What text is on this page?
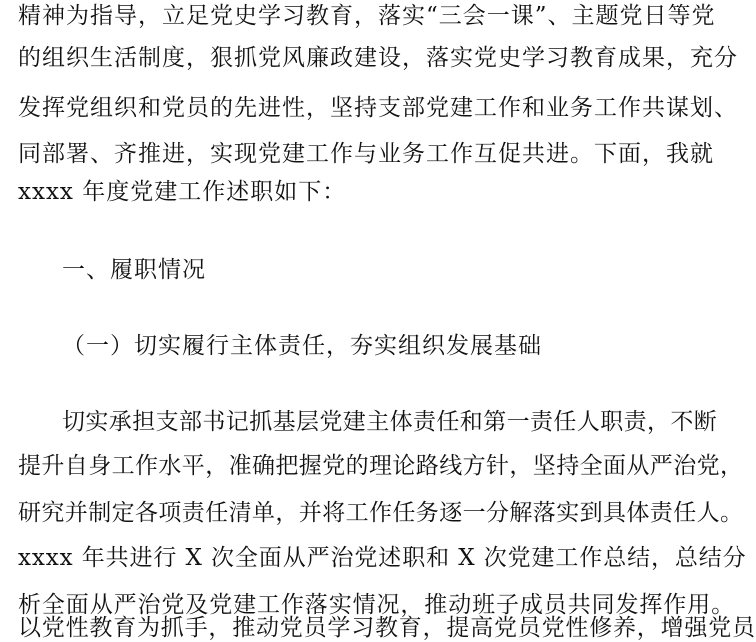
精神为指导，立足党史学习教育，落实“三会一课”、主题党日等党
的组织生活制度，狠抓党风廉政建设，落实党史学习教育成果，充分
发挥党组织和党员的先进性，坚持支部党建工作和业务工作共谋划、
同部署、齐推进，实现党建工作与业务工作互促共进。下面，我就
xxxx 年度党建工作述职如下：
一、履职情况
（一）切实履行主体责任，夯实组织发展基础
切实承担支部书记抓基层党建主体责任和第一责任人职责，不断
提升自身工作水平，准确把握党的理论路线方针，坚持全面从严治党，
研究并制定各项责任清单，并将工作任务逐一分解落实到具体责任人。
xxxx 年共进行 X 次全面从严治党述职和 X 次党建工作总结，总结分
析全面从严治党及党建工作落实情况，推动班子成员共同发挥作用。
以党性教育为抓手，推动党员学习教育，提高党员党性修养，增强党员
